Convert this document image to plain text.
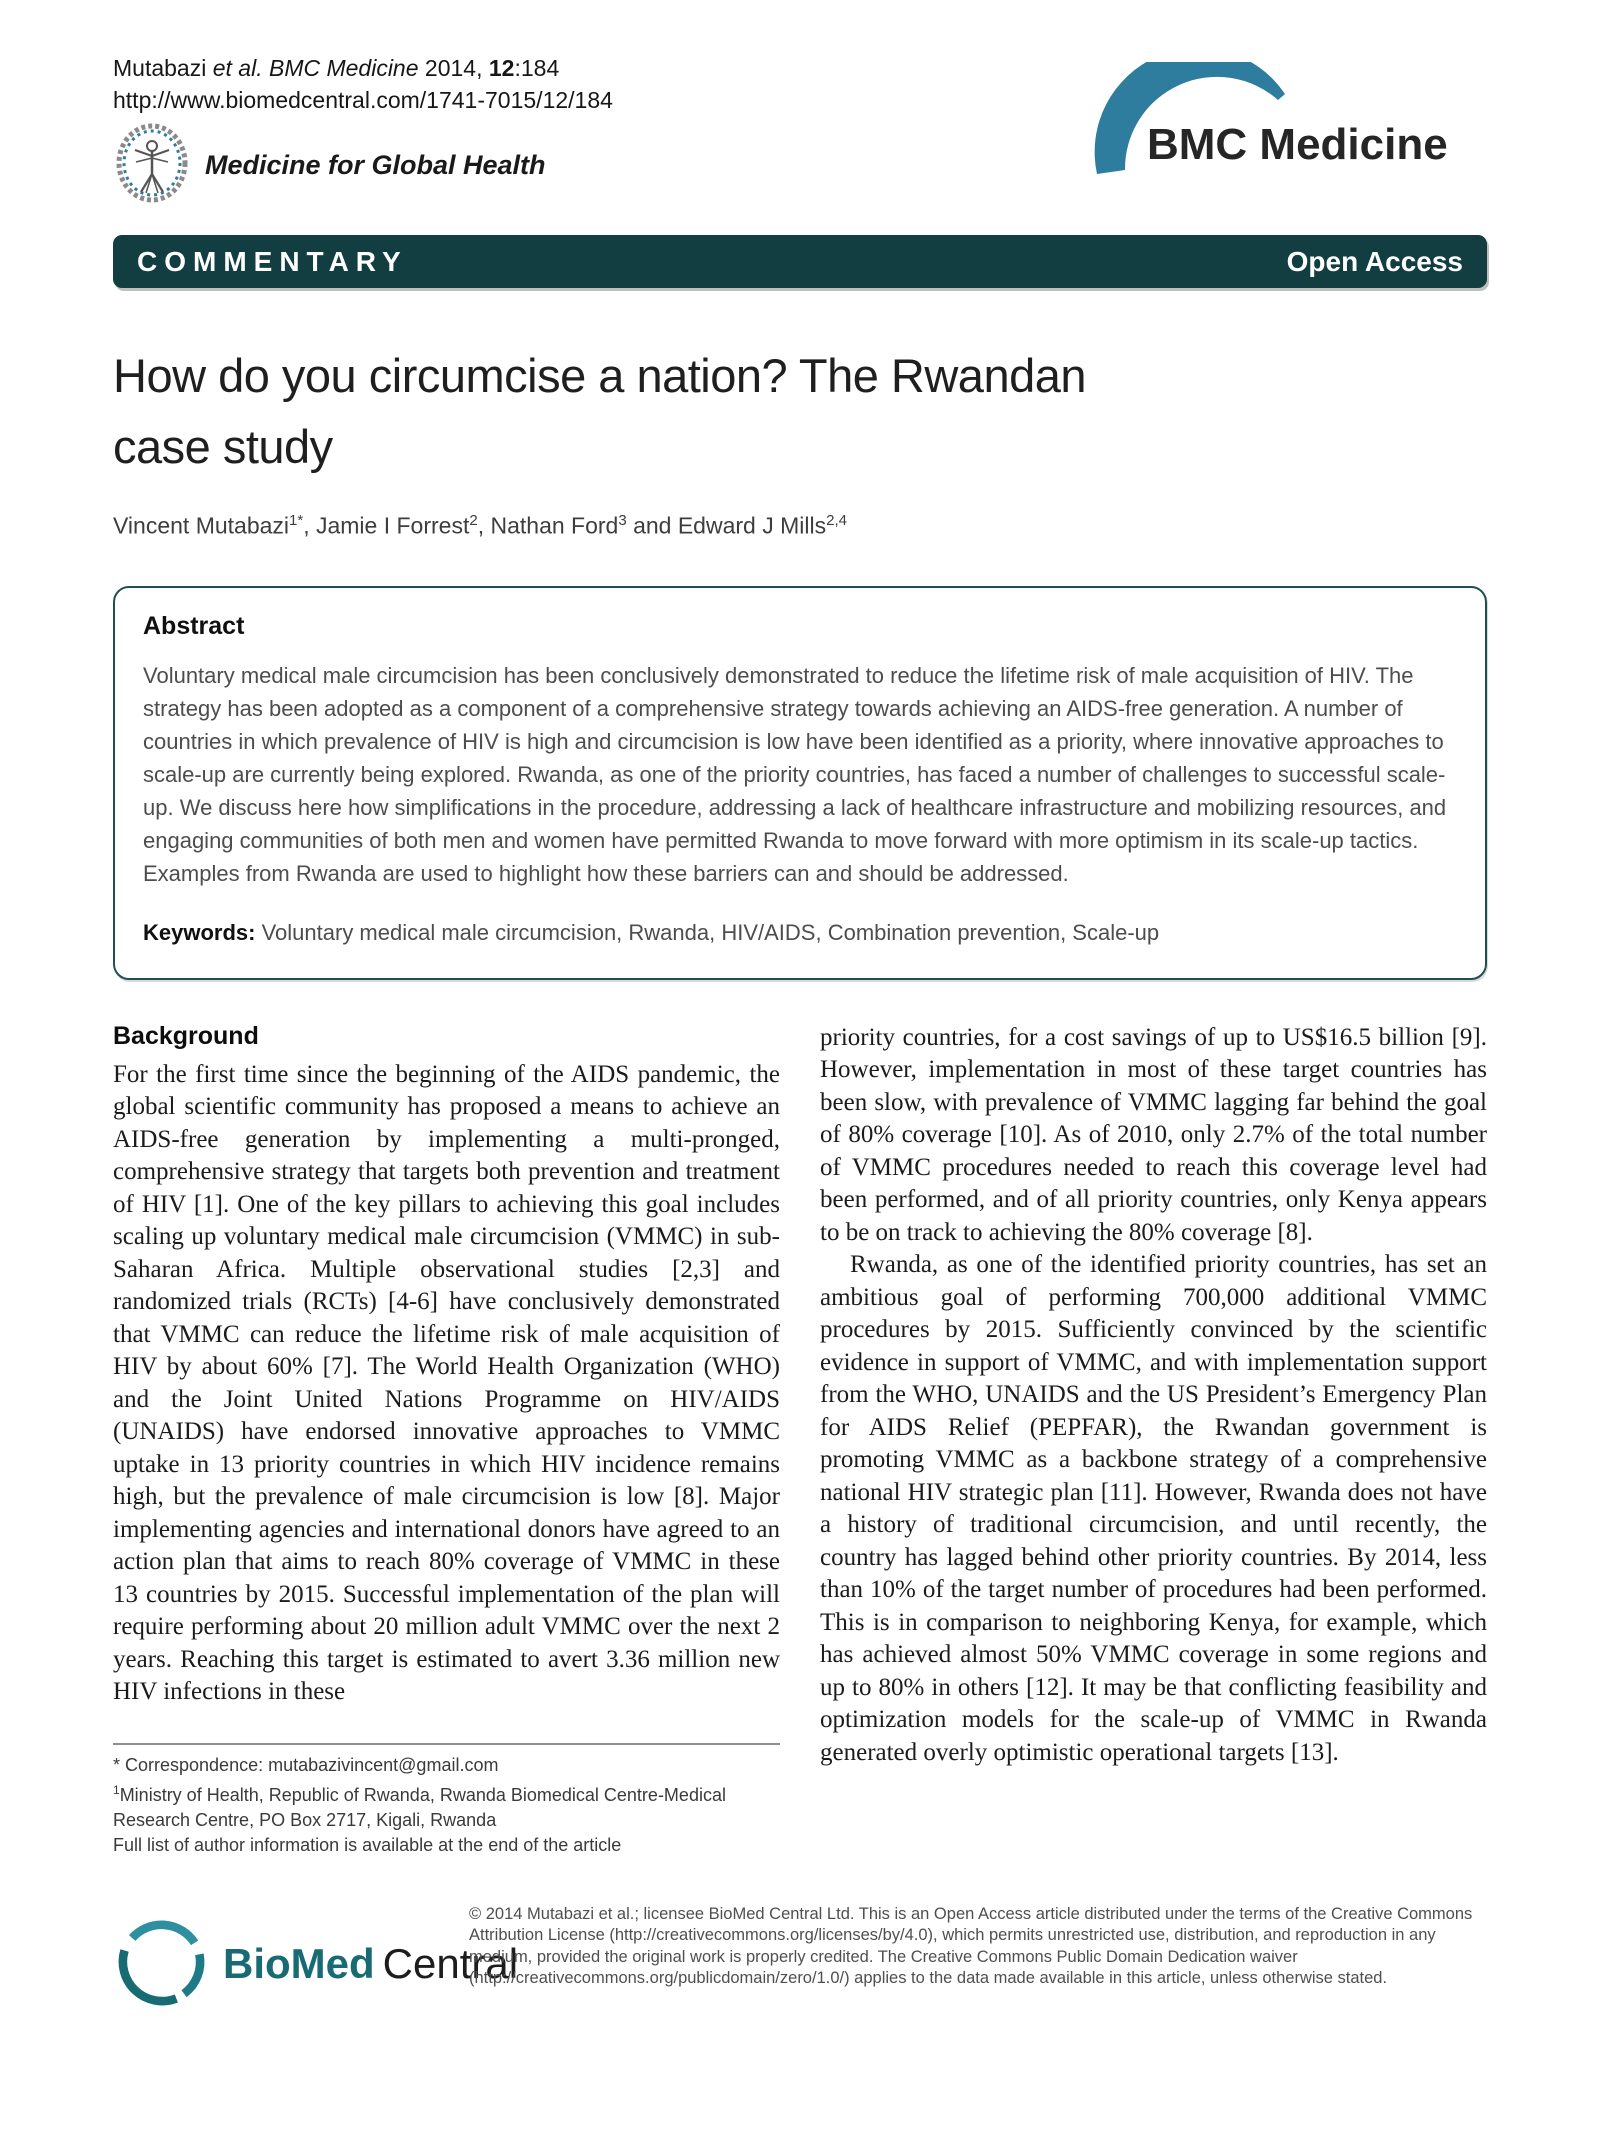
Mutabazi et al. BMC Medicine 2014, 12:184
http://www.biomedcentral.com/1741-7015/12/184
Medicine for Global Health	BMC Medicine
COMMENTARY	Open Access
How do you circumcise a nation? The Rwandan
case study
Vincent Mutabazi$^{1*}$, Jamie I Forrest$^2$, Nathan Ford$^3$ and Edward J Mills$^{2,4}$
Abstract
Voluntary medical male circumcision has been conclusively demonstrated to reduce the lifetime risk of male acquisition of HIV. The strategy has been adopted as a component of a comprehensive strategy towards achieving an AIDS-free generation. A number of countries in which prevalence of HIV is high and circumcision is low have been identified as a priority, where innovative approaches to scale-up are currently being explored. Rwanda, as one of the priority countries, has faced a number of challenges to successful scale-up. We discuss here how simplifications in the procedure, addressing a lack of healthcare infrastructure and mobilizing resources, and engaging communities of both men and women have permitted Rwanda to move forward with more optimism in its scale-up tactics. Examples from Rwanda are used to highlight how these barriers can and should be addressed.
Keywords: Voluntary medical male circumcision, Rwanda, HIV/AIDS, Combination prevention, Scale-up
Background
For the first time since the beginning of the AIDS pandemic, the global scientific community has proposed a means to achieve an AIDS-free generation by implementing a multi-pronged, comprehensive strategy that targets both prevention and treatment of HIV [1]. One of the key pillars to achieving this goal includes scaling up voluntary medical male circumcision (VMMC) in sub-Saharan Africa. Multiple observational studies [2,3] and randomized trials (RCTs) [4-6] have conclusively demonstrated that VMMC can reduce the lifetime risk of male acquisition of HIV by about 60% [7]. The World Health Organization (WHO) and the Joint United Nations Programme on HIV/AIDS (UNAIDS) have endorsed innovative approaches to VMMC uptake in 13 priority countries in which HIV incidence remains high, but the prevalence of male circumcision is low [8]. Major implementing agencies and international donors have agreed to an action plan that aims to reach 80% coverage of VMMC in these 13 countries by 2015. Successful implementation of the plan will require performing about 20 million adult VMMC over the next 2 years. Reaching this target is estimated to avert 3.36 million new HIV infections in these
* Correspondence: mutabazivincent@gmail.com
$^1$Ministry of Health, Republic of Rwanda, Rwanda Biomedical Centre-Medical Research Centre, PO Box 2717, Kigali, Rwanda
Full list of author information is available at the end of the article
priority countries, for a cost savings of up to US$16.5 billion [9]. However, implementation in most of these target countries has been slow, with prevalence of VMMC lagging far behind the goal of 80% coverage [10]. As of 2010, only 2.7% of the total number of VMMC procedures needed to reach this coverage level had been performed, and of all priority countries, only Kenya appears to be on track to achieving the 80% coverage [8].
Rwanda, as one of the identified priority countries, has set an ambitious goal of performing 700,000 additional VMMC procedures by 2015. Sufficiently convinced by the scientific evidence in support of VMMC, and with implementation support from the WHO, UNAIDS and the US President’s Emergency Plan for AIDS Relief (PEPFAR), the Rwandan government is promoting VMMC as a backbone strategy of a comprehensive national HIV strategic plan [11]. However, Rwanda does not have a history of traditional circumcision, and until recently, the country has lagged behind other priority countries. By 2014, less than 10% of the target number of procedures had been performed. This is in comparison to neighboring Kenya, for example, which has achieved almost 50% VMMC coverage in some regions and up to 80% in others [12]. It may be that conflicting feasibility and optimization models for the scale-up of VMMC in Rwanda generated overly optimistic operational targets [13].
BioMed Central
© 2014 Mutabazi et al.; licensee BioMed Central Ltd. This is an Open Access article distributed under the terms of the Creative Commons Attribution License (http://creativecommons.org/licenses/by/4.0), which permits unrestricted use, distribution, and reproduction in any medium, provided the original work is properly credited. The Creative Commons Public Domain Dedication waiver (http://creativecommons.org/publicdomain/zero/1.0/) applies to the data made available in this article, unless otherwise stated.
